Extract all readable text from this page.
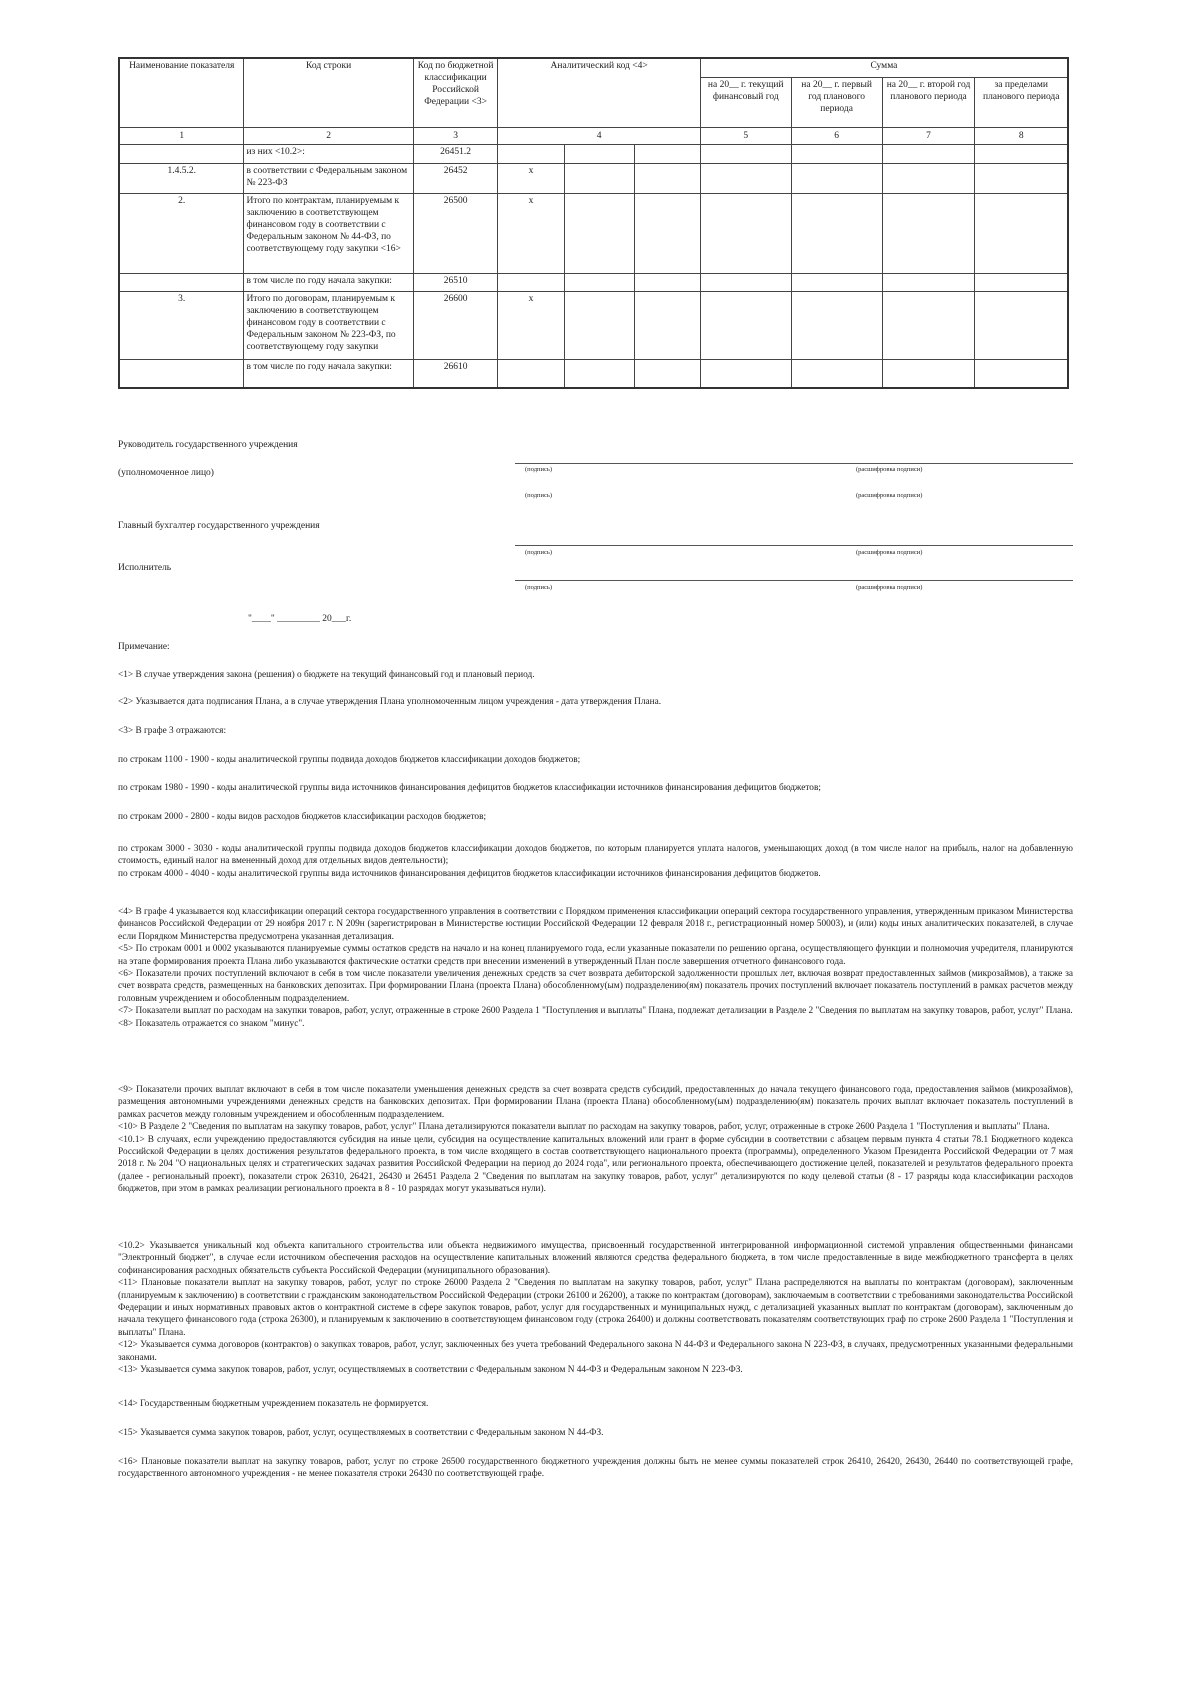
Наименование показателя	Код строки	Код по бюджетной классификации Российской Федерации <3>	Аналитический код <4>			Сумма			
						на 20__ г. текущий финансовый год	на 20__ г. первый год планового периода	на 20__ г. второй год планового периода	за пределами планового периода
1	2	3	4			5	6	7	8
	из них <10.2>:	26451.2							
1.4.5.2.	в соответствии с Федеральным законом № 223-ФЗ	26452	х						
2.	Итого по контрактам, планируемым к заключению в соответствующем финансовом году в соответствии с Федеральным законом № 44-ФЗ, по соответствующему году закупки <16>	26500	х						
	в том числе по году начала закупки:	26510							
3.	Итого по договорам, планируемым к заключению в соответствующем финансовом году в соответствии с Федеральным законом № 223-ФЗ, по соответствующему году закупки	26600	х						
	в том числе по году начала закупки:	26610							
Руководитель государственного учреждения
(уполномоченное лицо)	(подпись)	(расшифровка подписи)
(подпись)	(расшифровка подписи)
Главный бухгалтер государственного учреждения
(подпись)	(расшифровка подписи)
Исполнитель
(подпись)	(расшифровка подписи)
"____" _________ 20___г.
Примечание:
<1> В случае утверждения закона (решения) о бюджете на текущий финансовый год и плановый период.
<2> Указывается дата подписания Плана, а в случае утверждения Плана уполномоченным лицом учреждения - дата утверждения Плана.
<3> В графе 3 отражаются:
по строкам 1100 - 1900 - коды аналитической группы подвида доходов бюджетов классификации доходов бюджетов;
по строкам 1980 - 1990 - коды аналитической группы вида источников финансирования дефицитов бюджетов классификации источников финансирования дефицитов бюджетов;
по строкам 2000 - 2800 - коды видов расходов бюджетов классификации расходов бюджетов;
по строкам 3000 - 3030 - коды аналитической группы подвида доходов бюджетов классификации доходов бюджетов, по которым планируется уплата налогов, уменьшающих доход (в том числе налог на прибыль, налог на добавленную стоимость, единый налог на вмененный доход для отдельных видов деятельности);
по строкам 4000 - 4040 - коды аналитической группы вида источников финансирования дефицитов бюджетов классификации источников финансирования дефицитов бюджетов.
<4> В графе 4 указывается код классификации операций сектора государственного управления в соответствии с Порядком применения классификации операций сектора государственного управления, утвержденным приказом Министерства финансов Российской Федерации от 29 ноября 2017 г. N 209н (зарегистрирован в Министерстве юстиции Российской Федерации 12 февраля 2018 г., регистрационный номер 50003), и (или) коды иных аналитических показателей, в случае если Порядком Министерства предусмотрена указанная детализация.
<5> По строкам 0001 и 0002 указываются планируемые суммы остатков средств на начало и на конец планируемого года, если указанные показатели по решению органа, осуществляющего функции и полномочия учредителя, планируются на этапе формирования проекта Плана либо указываются фактические остатки средств при внесении изменений в утвержденный План после завершения отчетного финансового года.
<6> Показатели прочих поступлений включают в себя в том числе показатели увеличения денежных средств за счет возврата дебиторской задолженности прошлых лет, включая возврат предоставленных займов (микрозаймов), а также за счет возврата средств, размещенных на банковских депозитах. При формировании Плана (проекта Плана) обособленному(ым) подразделению(ям) показатель прочих поступлений включает показатель поступлений в рамках расчетов между головным учреждением и обособленным подразделением.
<7> Показатели выплат по расходам на закупки товаров, работ, услуг, отраженные в строке 2600 Раздела 1 "Поступления и выплаты" Плана, подлежат детализации в Разделе 2 "Сведения по выплатам на закупку товаров, работ, услуг" Плана.
<8> Показатель отражается со знаком "минус".
<9> Показатели прочих выплат включают в себя в том числе показатели уменьшения денежных средств за счет возврата средств субсидий, предоставленных до начала текущего финансового года, предоставления займов (микрозаймов), размещения автономными учреждениями денежных средств на банковских депозитах. При формировании Плана (проекта Плана) обособленному(ым) подразделению(ям) показатель прочих выплат включает показатель поступлений в рамках расчетов между головным учреждением и обособленным подразделением.
<10> В Разделе 2 "Сведения по выплатам на закупку товаров, работ, услуг" Плана детализируются показатели выплат по расходам на закупку товаров, работ, услуг, отраженные в строке 2600 Раздела 1 "Поступления и выплаты" Плана.
<10.1> В случаях, если учреждению предоставляются субсидия на иные цели, субсидия на осуществление капитальных вложений или грант в форме субсидии в соответствии с абзацем первым пункта 4 статьи 78.1 Бюджетного кодекса Российской Федерации в целях достижения результатов федерального проекта, в том числе входящего в состав соответствующего национального проекта (программы), определенного Указом Президента Российской Федерации от 7 мая 2018 г. № 204 "О национальных целях и стратегических задачах развития Российской Федерации на период до 2024 года", или регионального проекта, обеспечивающего достижение целей, показателей и результатов федерального проекта (далее - региональный проект), показатели строк 26310, 26421, 26430 и 26451 Раздела 2 "Сведения по выплатам на закупку товаров, работ, услуг" детализируются по коду целевой статьи (8 - 17 разряды кода классификации расходов бюджетов, при этом в рамках реализации регионального проекта в 8 - 10 разрядах могут указываться нули).
<10.2> Указывается уникальный код объекта капитального строительства или объекта недвижимого имущества, присвоенный государственной интегрированной информационной системой управления общественными финансами "Электронный бюджет", в случае если источником обеспечения расходов на осуществление капитальных вложений являются средства федерального бюджета, в том числе предоставленные в виде межбюджетного трансферта в целях софинансирования расходных обязательств субъекта Российской Федерации (муниципального образования).
<11> Плановые показатели выплат на закупку товаров, работ, услуг по строке 26000 Раздела 2 "Сведения по выплатам на закупку товаров, работ, услуг" Плана распределяются на выплаты по контрактам (договорам), заключенным (планируемым к заключению) в соответствии с гражданским законодательством Российской Федерации (строки 26100 и 26200), а также по контрактам (договорам), заключаемым в соответствии с требованиями законодательства Российской Федерации и иных нормативных правовых актов о контрактной системе в сфере закупок товаров, работ, услуг для государственных и муниципальных нужд, с детализацией указанных выплат по контрактам (договорам), заключенным до начала текущего финансового года (строка 26300), и планируемым к заключению в соответствующем финансовом году (строка 26400) и должны соответствовать показателям соответствующих граф по строке 2600 Раздела 1 "Поступления и выплаты" Плана.
<12> Указывается сумма договоров (контрактов) о закупках товаров, работ, услуг, заключенных без учета требований Федерального закона N 44-ФЗ и Федерального закона N 223-ФЗ, в случаях, предусмотренных указанными федеральными законами.
<13> Указывается сумма закупок товаров, работ, услуг, осуществляемых в соответствии с Федеральным законом N 44-ФЗ и Федеральным законом N 223-ФЗ.
<14> Государственным бюджетным учреждением показатель не формируется.
<15> Указывается сумма закупок товаров, работ, услуг, осуществляемых в соответствии с Федеральным законом N 44-ФЗ.
<16> Плановые показатели выплат на закупку товаров, работ, услуг по строке 26500 государственного бюджетного учреждения должны быть не менее суммы показателей строк 26410, 26420, 26430, 26440 по соответствующей графе, государственного автономного учреждения - не менее показателя строки 26430 по соответствующей графе.
